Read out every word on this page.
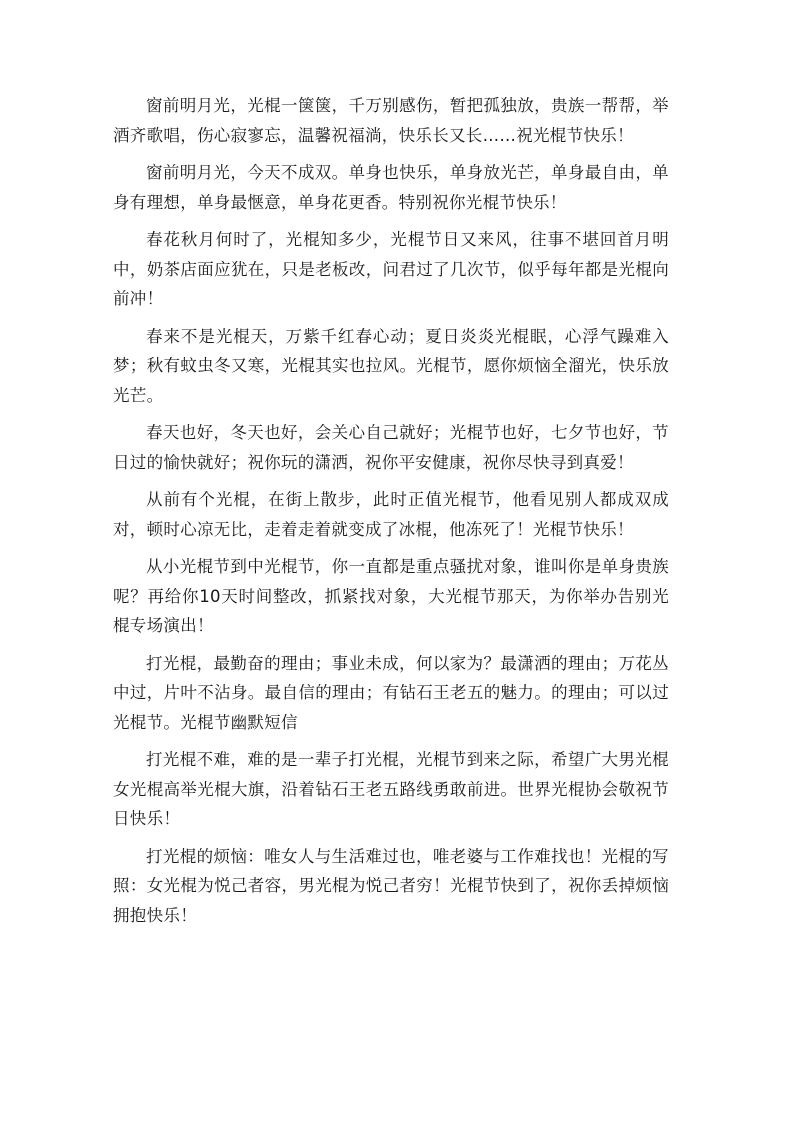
窗前明月光，光棍一箧箧，千万别感伤，暂把孤独放，贵族一帮帮，举酒齐歌唱，伤心寂寥忘，温馨祝福淌，快乐长又长……祝光棍节快乐！

窗前明月光，今天不成双。单身也快乐，单身放光芒，单身最自由，单身有理想，单身最惬意，单身花更香。特别祝你光棍节快乐！

春花秋月何时了，光棍知多少，光棍节日又来风，往事不堪回首月明中，奶茶店面应犹在，只是老板改，问君过了几次节，似乎每年都是光棍向前冲！

春来不是光棍天，万紫千红春心动；夏日炎炎光棍眠，心浮气躁难入梦；秋有蚊虫冬又寒，光棍其实也拉风。光棍节，愿你烦恼全溜光，快乐放光芒。

春天也好，冬天也好，会关心自己就好；光棍节也好，七夕节也好，节日过的愉快就好；祝你玩的潇洒，祝你平安健康，祝你尽快寻到真爱！

从前有个光棍，在街上散步，此时正值光棍节，他看见别人都成双成对，顿时心凉无比，走着走着就变成了冰棍，他冻死了！光棍节快乐！

从小光棍节到中光棍节，你一直都是重点骚扰对象，谁叫你是单身贵族呢？再给你10天时间整改，抓紧找对象，大光棍节那天，为你举办告别光棍专场演出！

打光棍，最勤奋的理由；事业未成，何以家为？最潇洒的理由；万花丛中过，片叶不沾身。最自信的理由；有钻石王老五的魅力。的理由；可以过光棍节。光棍节幽默短信

打光棍不难，难的是一辈子打光棍，光棍节到来之际，希望广大男光棍女光棍高举光棍大旗，沿着钻石王老五路线勇敢前进。世界光棍协会敬祝节日快乐！

打光棍的烦恼：唯女人与生活难过也，唯老婆与工作难找也！光棍的写照：女光棍为悦己者容，男光棍为悦己者穷！光棍节快到了，祝你丢掉烦恼拥抱快乐！
